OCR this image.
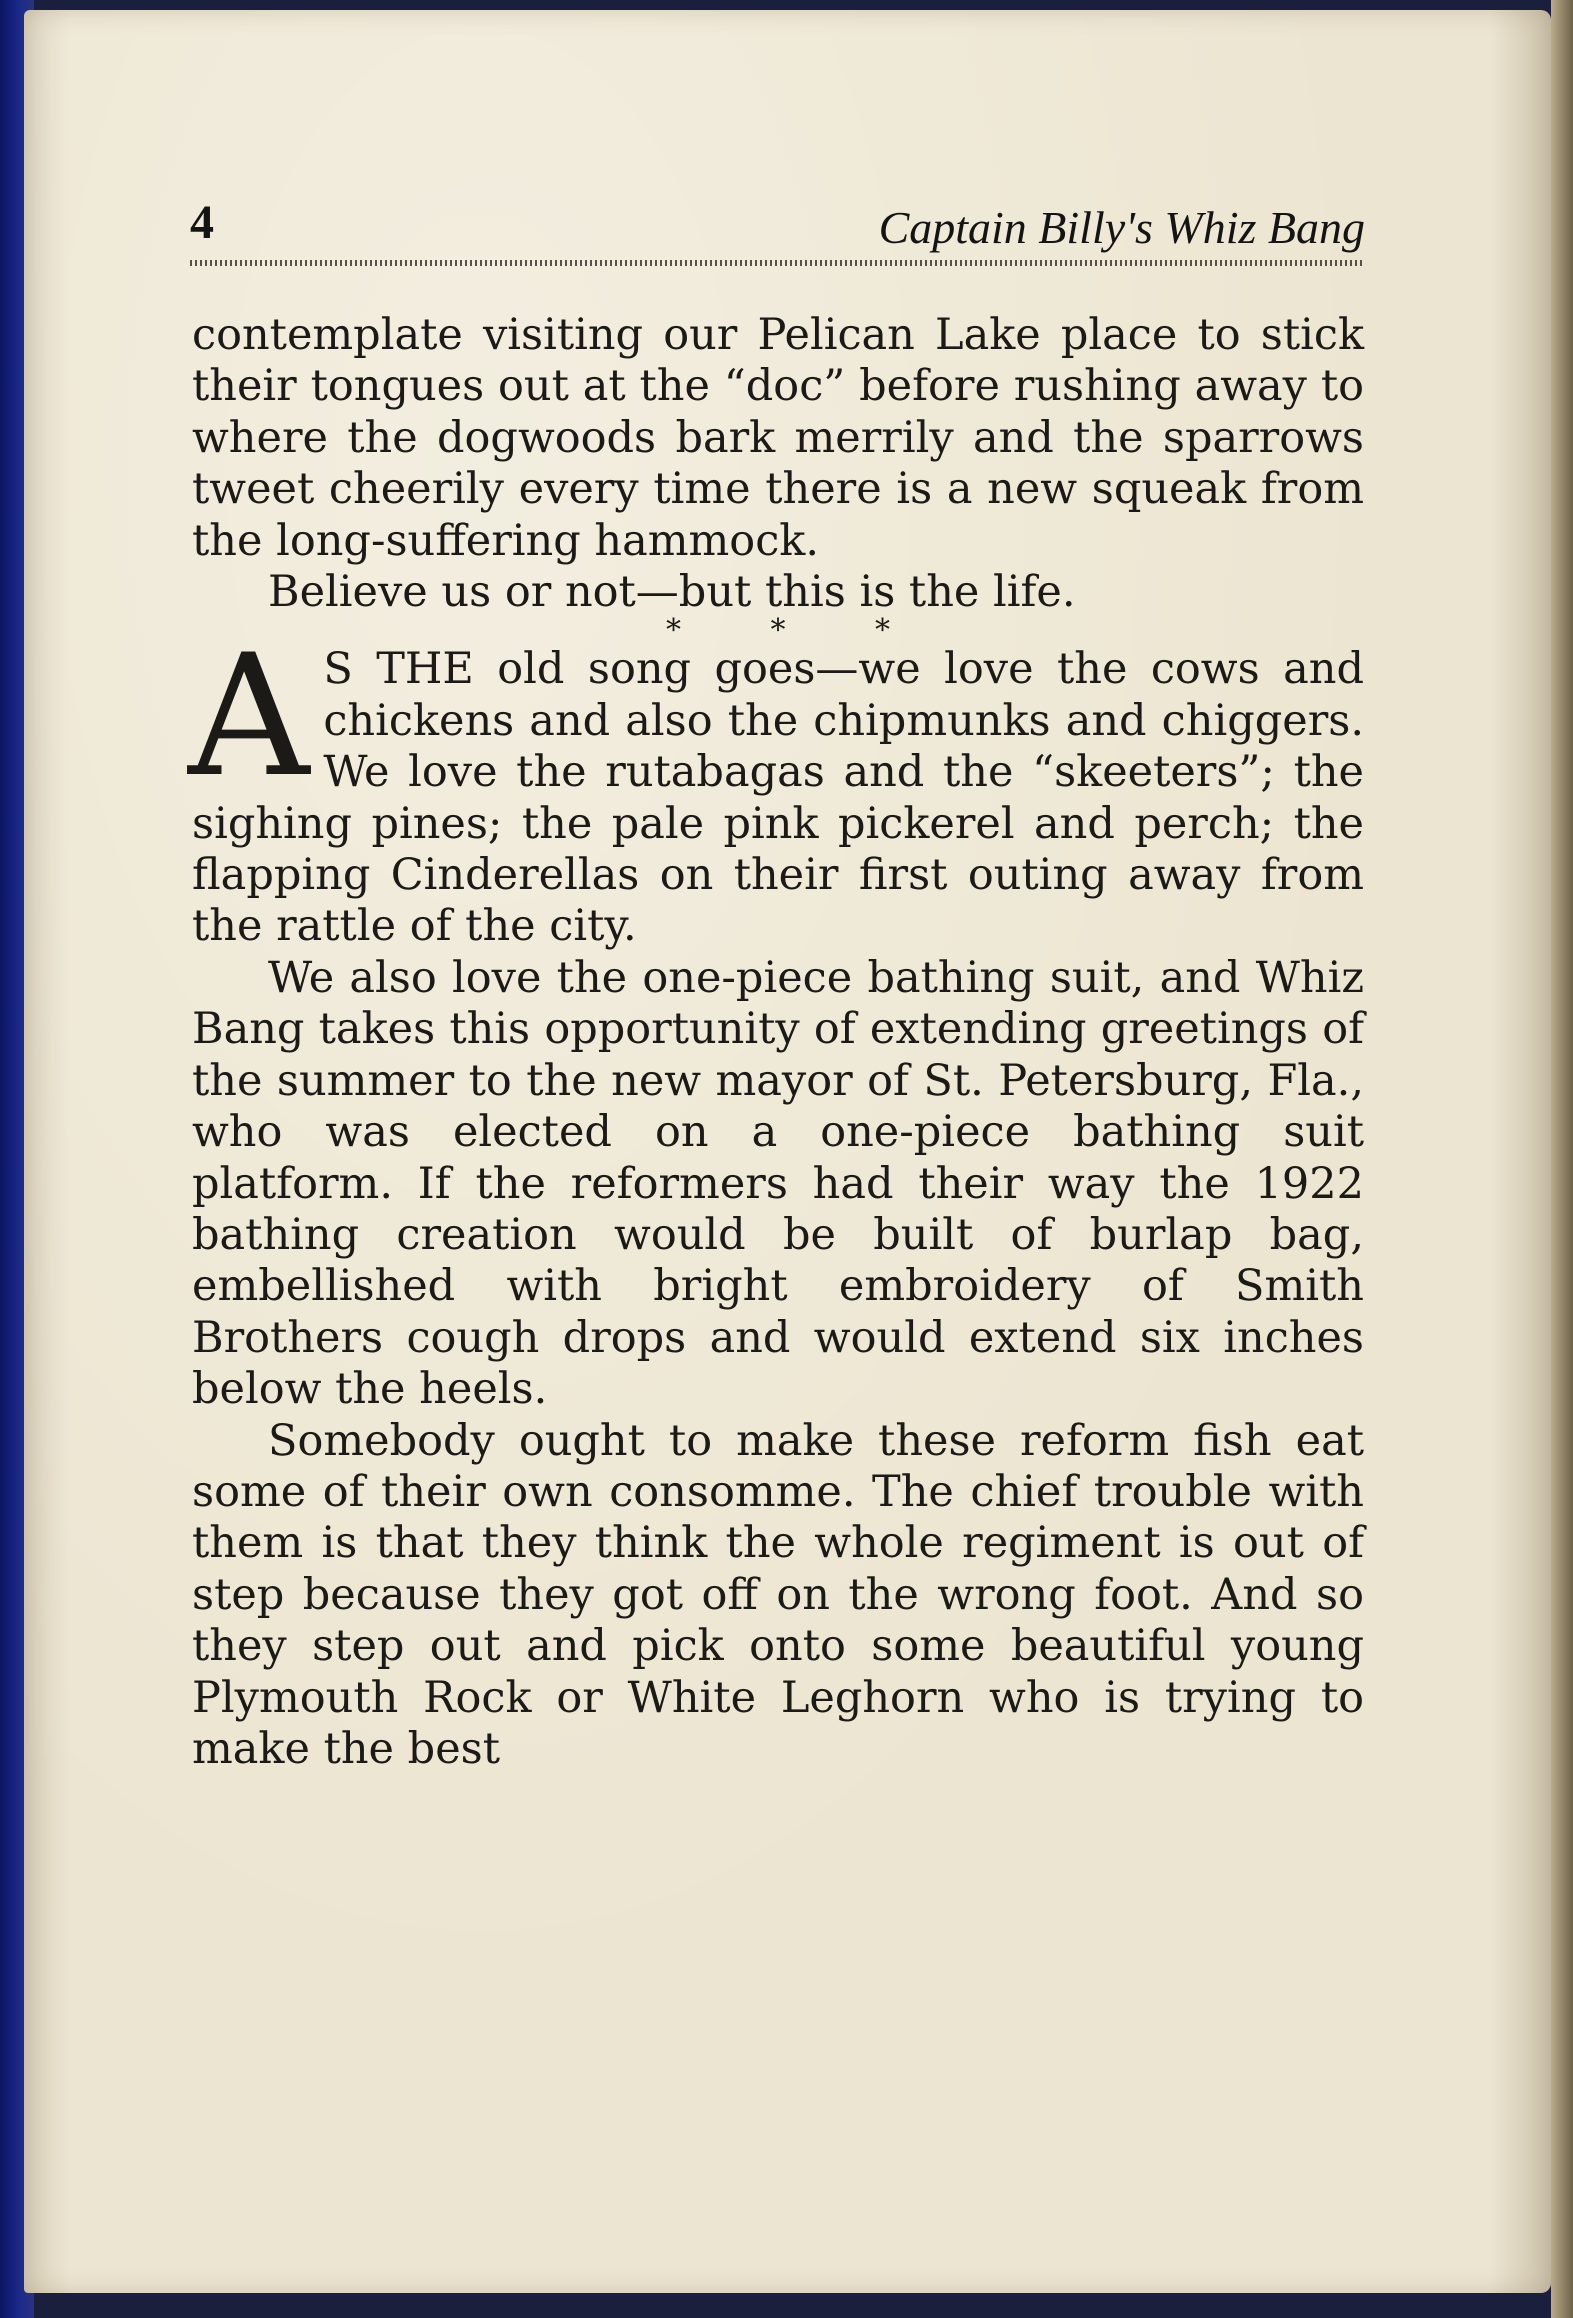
4	Captain Billy's Whiz Bang

contemplate visiting our Pelican Lake place to stick their tongues out at the “doc” before rushing away to where the dogwoods bark merrily and the sparrows tweet cheerily every time there is a new squeak from the long-suffering hammock.

Believe us or not—but this is the life.

* * *

A S THE old song goes—we love the cows and chickens and also the chipmunks and chiggers. We love the rutabagas and the “skeeters”; the sighing pines; the pale pink pickerel and perch; the flapping Cinderellas on their first outing away from the rattle of the city.

We also love the one-piece bathing suit, and Whiz Bang takes this opportunity of extending greetings of the summer to the new mayor of St. Petersburg, Fla., who was elected on a one-piece bathing suit platform. If the reformers had their way the 1922 bathing creation would be built of burlap bag, embellished with bright embroidery of Smith Brothers cough drops and would extend six inches below the heels.

Somebody ought to make these reform fish eat some of their own consomme. The chief trouble with them is that they think the whole regiment is out of step because they got off on the wrong foot. And so they step out and pick onto some beautiful young Plymouth Rock or White Leghorn who is trying to make the best
